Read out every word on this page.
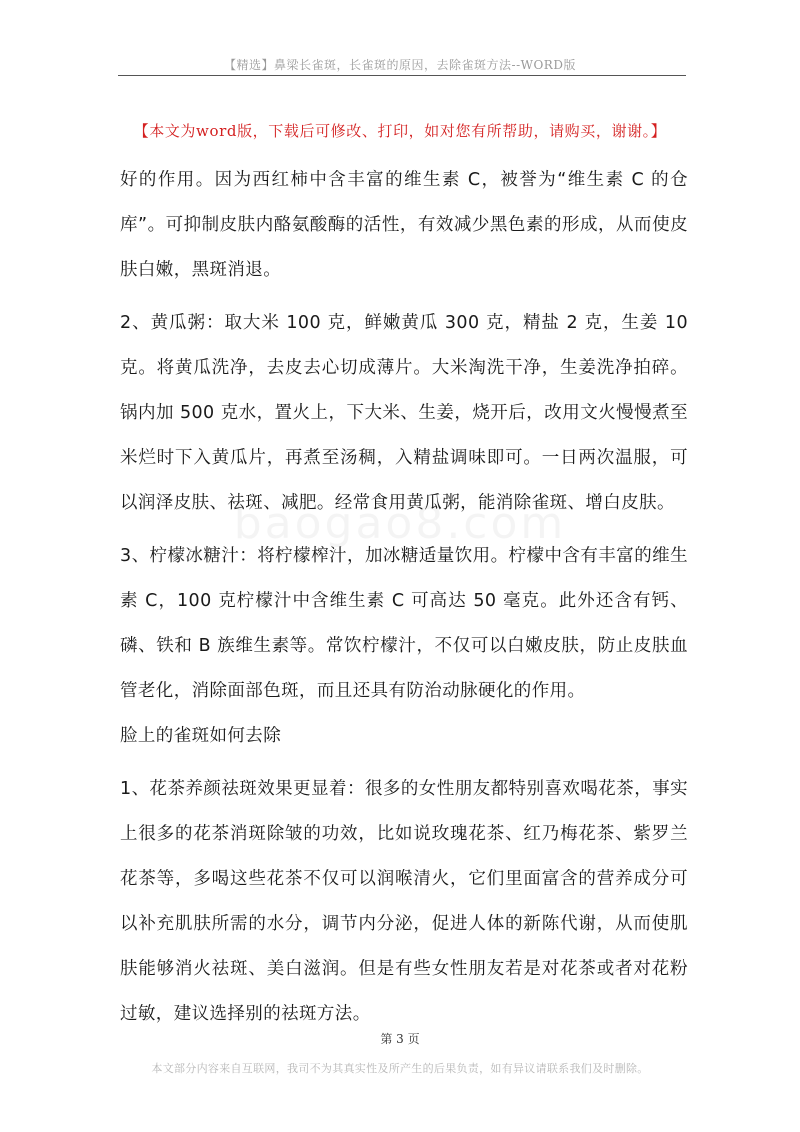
【精选】鼻梁长雀斑，长雀斑的原因，去除雀斑方法--WORD版
【本文为word版，下载后可修改、打印，如对您有所帮助，请购买，谢谢。】

好的作用。因为西红柿中含丰富的维生素 C，被誉为“维生素 C 的仓库”。可抑制皮肤内酪氨酸酶的活性，有效减少黑色素的形成，从而使皮肤白嫩，黑斑消退。

2、黄瓜粥：取大米 100 克，鲜嫩黄瓜 300 克，精盐 2 克，生姜 10 克。将黄瓜洗净，去皮去心切成薄片。大米淘洗干净，生姜洗净拍碎。锅内加 500 克水，置火上，下大米、生姜，烧开后，改用文火慢慢煮至米烂时下入黄瓜片，再煮至汤稠，入精盐调味即可。一日两次温服，可以润泽皮肤、祛斑、减肥。经常食用黄瓜粥，能消除雀斑、增白皮肤。

3、柠檬冰糖汁：将柠檬榨汁，加冰糖适量饮用。柠檬中含有丰富的维生素 C，100 克柠檬汁中含维生素 C 可高达 50 毫克。此外还含有钙、磷、铁和 B 族维生素等。常饮柠檬汁，不仅可以白嫩皮肤，防止皮肤血管老化，消除面部色斑，而且还具有防治动脉硬化的作用。

脸上的雀斑如何去除

1、花茶养颜祛斑效果更显着：很多的女性朋友都特别喜欢喝花茶，事实上很多的花茶消斑除皱的功效，比如说玫瑰花茶、红乃梅花茶、紫罗兰花茶等，多喝这些花茶不仅可以润喉清火，它们里面富含的营养成分可以补充肌肤所需的水分，调节内分泌，促进人体的新陈代谢，从而使肌肤能够消火祛斑、美白滋润。但是有些女性朋友若是对花茶或者对花粉过敏，建议选择别的祛斑方法。

第 3 页
本文部分内容来自互联网，我司不为其真实性及所产生的后果负责，如有异议请联系我们及时删除。
